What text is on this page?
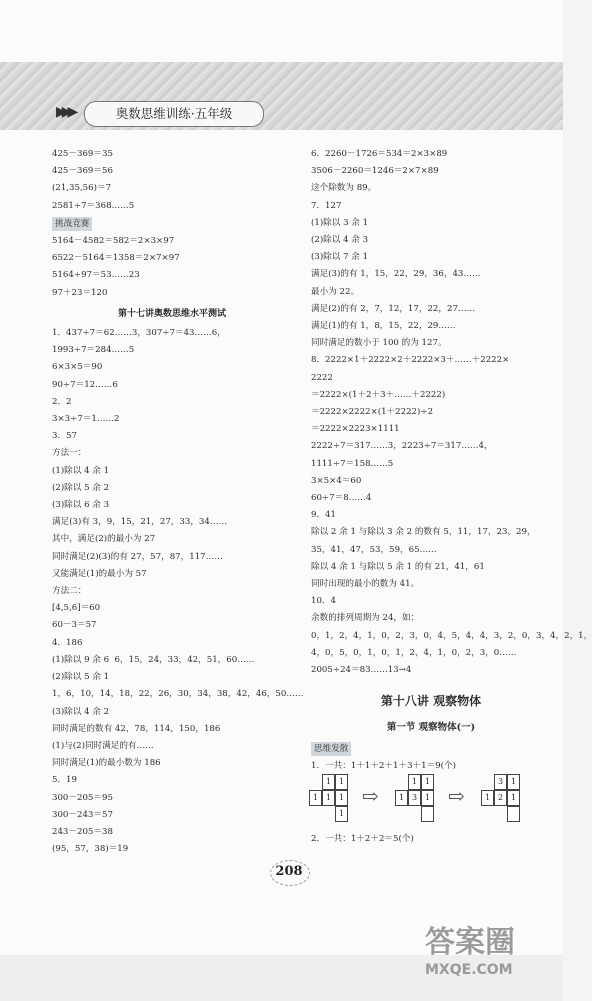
▶▶▶	奥数思维训练·五年级
425－369＝35
425－369＝56
(21,35,56)＝7
2581÷7＝368……5
挑战竞赛
5164－4582＝582＝2×3×97
6522－5164＝1358＝2×7×97
5164÷97＝53……23
97＋23＝120
第十七讲奥数思维水平测试
1．437÷7＝62……3，307÷7＝43……6，
1993÷7＝284……5
6×3×5＝90
90÷7＝12……6
2．2
3×3÷7＝1……2
3．57
方法一：
(1)除以 4 余 1
(2)除以 5 余 2
(3)除以 6 余 3
满足(3)有 3，9，15，21，27，33，34……
其中，满足(2)的最小为 27
同时满足(2)(3)的有 27，57，87，117……
又能满足(1)的最小为 57
方法二：
[4,5,6]＝60
60－3＝57
4．186
(1)除以 9 余 6  6，15，24，33，42，51，60……
(2)除以 5 余 1
1，6，10，14，18，22，26，30，34，38，42，46，50……
(3)除以 4 余 2
同时满足的数有 42，78，114，150，186
(1)与(2)同时满足的有……
同时满足(1)的最小数为 186
5．19
300－205＝95
300－243＝57
243－205＝38
(95，57，38)＝19
6．2260－1726＝534＝2×3×89
3506－2260＝1246＝2×7×89
这个除数为 89。
7．127
(1)除以 3 余 1
(2)除以 4 余 3
(3)除以 7 余 1
满足(3)的有 1，15，22，29，36，43……
最小为 22。
满足(2)的有 2，7，12，17，22，27……
满足(1)的有 1，8，15，22，29……
同时满足的数小于 100 的为 127。
8．2222×1＋2222×2＋2222×3＋……＋2222×
2222
＝2222×(1＋2＋3＋……＋2222)
＝2222×2222×(1＋2222)÷2
＝2222×2223×1111
2222÷7＝317……3，2223÷7＝317……4，
1111÷7＝158……5
3×5×4＝60
60÷7＝8……4
9．41
除以 2 余 1 与除以 3 余 2 的数有 5，11，17，23，29，
35，41，47，53，59，65……
除以 4 余 1 与除以 5 余 1 的有 21，41，61
同时出现的最小的数为 41。
10．4
余数的排列周期为 24，如：
0，1，2，4，1，0，2，3，0，4，5，4，4，3，2，0，3，4，2，1，
4，0，5，0，1，0，1，2，4，1，0，2，3，0……
2005÷24＝83……13→4
第十八讲 观察物体
第一节 观察物体(一)
思维发散
1．一共：1＋1＋2＋1＋3＋1＝9(个)
1 1
1 1 1
1
⇨
1 1
1 3 1 ⇨
3 1
1 2 1
2．一共：1＋2＋2＝5(个)
208
答案圈
MXQE.COM
